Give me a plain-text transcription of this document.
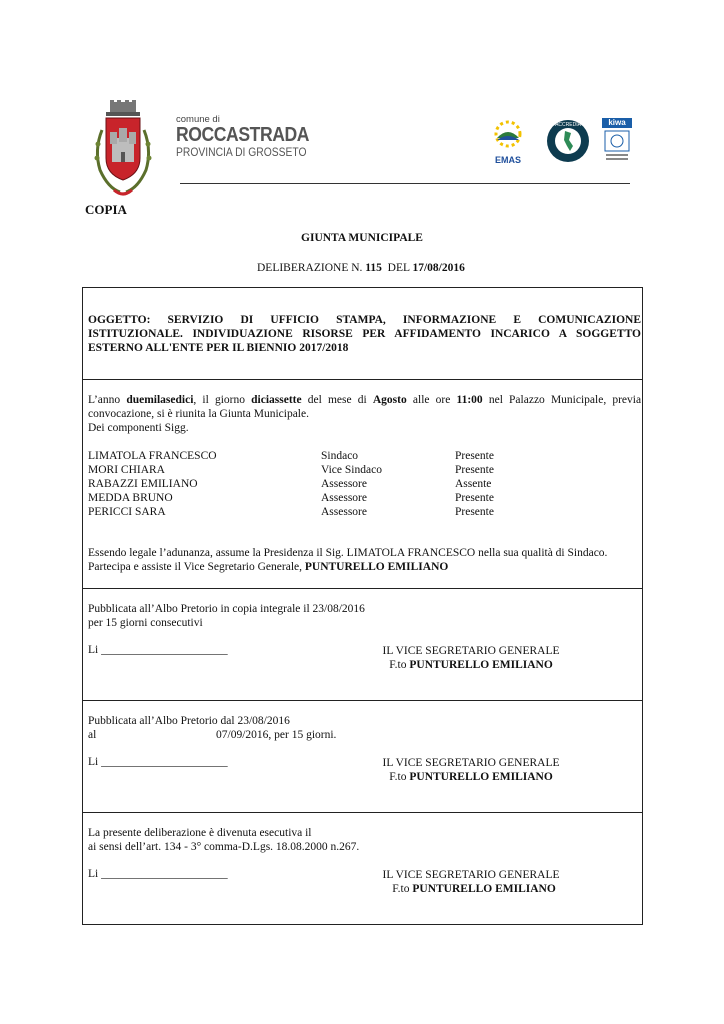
comune di
ROCCASTRADA
PROVINCIA DI GROSSETO
EMAS
ACCREDIA	kiwa
COPIA
GIUNTA MUNICIPALE
DELIBERAZIONE N. 115 DEL 17/08/2016
OGGETTO: SERVIZIO DI UFFICIO STAMPA, INFORMAZIONE E COMUNICAZIONE
ISTITUZIONALE. INDIVIDUAZIONE RISORSE PER AFFIDAMENTO INCARICO A SOGGETTO
ESTERNO ALL'ENTE PER IL BIENNIO 2017/2018
L’anno duemilasedici, il giorno diciassette del mese di Agosto alle ore 11:00 nel Palazzo Municipale, previa
convocazione, si è riunita la Giunta Municipale.
Dei componenti Sigg.
LIMATOLA FRANCESCO	Sindaco	Presente
MORI CHIARA	Vice Sindaco	Presente
RABAZZI EMILIANO	Assessore	Assente
MEDDA BRUNO	Assessore	Presente
PERICCI SARA	Assessore	Presente
Essendo legale l’adunanza, assume la Presidenza il Sig. LIMATOLA FRANCESCO nella sua qualità di Sindaco.
Partecipa e assiste il Vice Segretario Generale, PUNTURELLO EMILIANO
Pubblicata all’Albo Pretorio in copia integrale il 23/08/2016
per 15 giorni consecutivi
Li ______________________	IL VICE SEGRETARIO GENERALE
F.to PUNTURELLO EMILIANO
Pubblicata all’Albo Pretorio dal 23/08/2016
al	07/09/2016, per 15 giorni.
Li ______________________	IL VICE SEGRETARIO GENERALE
F.to PUNTURELLO EMILIANO
La presente deliberazione è divenuta esecutiva il
ai sensi dell’art. 134 - 3° comma-D.Lgs. 18.08.2000 n.267.
Li ______________________	IL VICE SEGRETARIO GENERALE
F.to PUNTURELLO EMILIANO
